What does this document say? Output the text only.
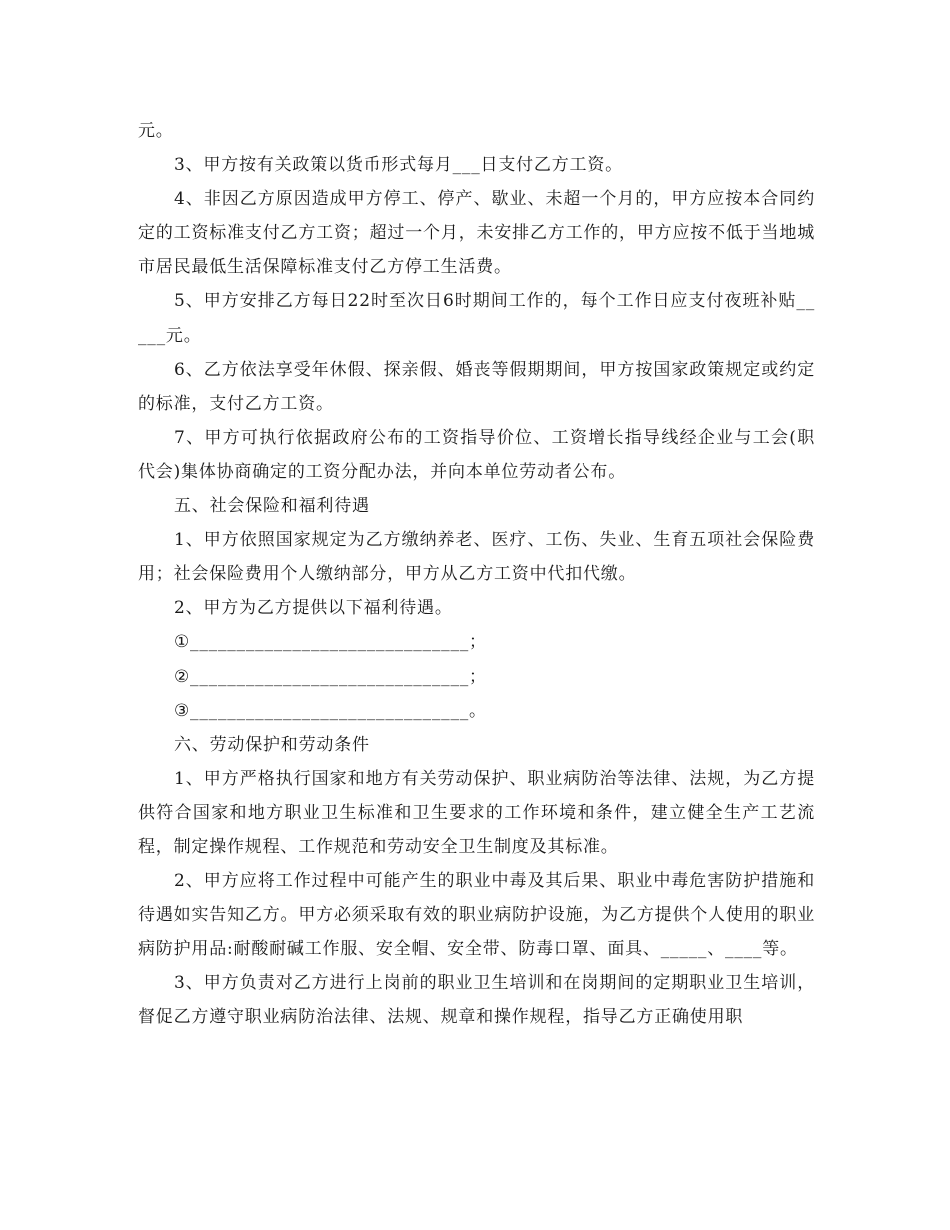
元。

3、甲方按有关政策以货币形式每月___日支付乙方工资。

4、非因乙方原因造成甲方停工、停产、歇业、未超一个月的，甲方应按本合同约定的工资标准支付乙方工资；超过一个月，未安排乙方工作的，甲方应按不低于当地城市居民最低生活保障标准支付乙方停工生活费。

5、甲方安排乙方每日22时至次日6时期间工作的，每个工作日应支付夜班补贴_____元。

6、乙方依法享受年休假、探亲假、婚丧等假期期间，甲方按国家政策规定或约定的标准，支付乙方工资。

7、甲方可执行依据政府公布的工资指导价位、工资增长指导线经企业与工会(职代会)集体协商确定的工资分配办法，并向本单位劳动者公布。

五、社会保险和福利待遇

1、甲方依照国家规定为乙方缴纳养老、医疗、工伤、失业、生育五项社会保险费用；社会保险费用个人缴纳部分，甲方从乙方工资中代扣代缴。

2、甲方为乙方提供以下福利待遇。

①______________________________；

②______________________________；

③______________________________。

六、劳动保护和劳动条件

1、甲方严格执行国家和地方有关劳动保护、职业病防治等法律、法规，为乙方提供符合国家和地方职业卫生标准和卫生要求的工作环境和条件，建立健全生产工艺流程，制定操作规程、工作规范和劳动安全卫生制度及其标准。

2、甲方应将工作过程中可能产生的职业中毒及其后果、职业中毒危害防护措施和待遇如实告知乙方。甲方必须采取有效的职业病防护设施，为乙方提供个人使用的职业病防护用品:耐酸耐碱工作服、安全帽、安全带、防毒口罩、面具、_____、____等。

3、甲方负责对乙方进行上岗前的职业卫生培训和在岗期间的定期职业卫生培训，督促乙方遵守职业病防治法律、法规、规章和操作规程，指导乙方正确使用职
